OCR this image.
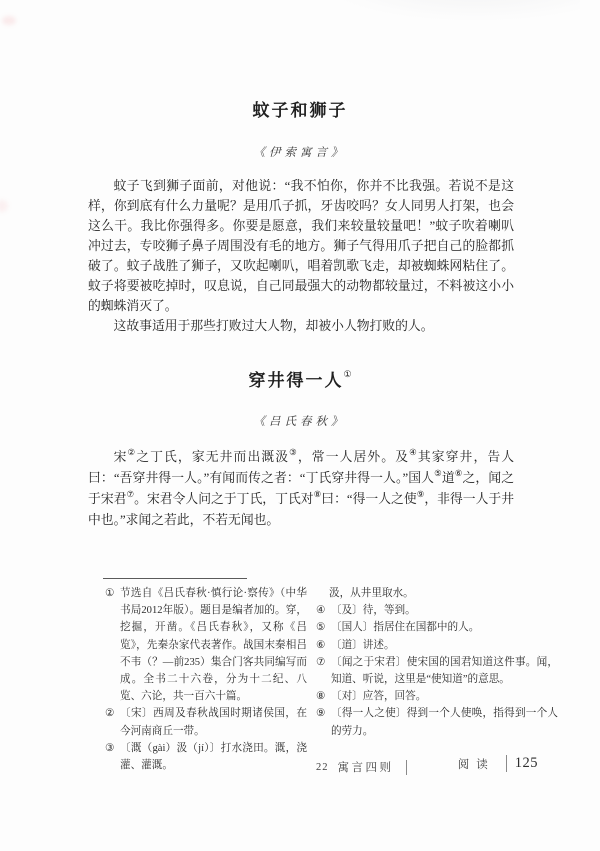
蚊子和狮子
《伊索寓言》

蚊子飞到狮子面前，对他说：“我不怕你，你并不比我强。若说不是这样，你到底有什么力量呢？是用爪子抓，牙齿咬吗？女人同男人打架，也会这么干。我比你强得多。你要是愿意，我们来较量较量吧！”蚊子吹着喇叭冲过去，专咬狮子鼻子周围没有毛的地方。狮子气得用爪子把自己的脸都抓破了。蚊子战胜了狮子，又吹起喇叭，唱着凯歌飞走，却被蜘蛛网粘住了。蚊子将要被吃掉时，叹息说，自己同最强大的动物都较量过，不料被这小小的蜘蛛消灭了。

这故事适用于那些打败过大人物，却被小人物打败的人。

穿井得一人①
《吕氏春秋》

宋②之丁氏，家无井而出溉汲③，常一人居外。及④其家穿井，告人曰：“吾穿井得一人。”有闻而传之者：“丁氏穿井得一人。”国人⑤道⑥之，闻之于宋君⑦。宋君令人问之于丁氏，丁氏对⑧曰：“得一人之使⑨，非得一人于井中也。”求闻之若此，不若无闻也。

① 节选自《吕氏春秋·慎行论·察传》（中华书局2012年版）。题目是编者加的。穿，挖掘，开凿。《吕氏春秋》，又称《吕览》，先秦杂家代表著作。战国末秦相吕不韦（？—前235）集合门客共同编写而成。全书二十六卷，分为十二纪、八览、六论，共一百六十篇。
② 〔宋〕西周及春秋战国时期诸侯国，在今河南商丘一带。
③ 〔溉（gài）汲（jí）〕打水浇田。溉，浇灌、灌溉。
汲，从井里取水。
④ 〔及〕待，等到。
⑤ 〔国人〕指居住在国都中的人。
⑥ 〔道〕讲述。
⑦ 〔闻之于宋君〕使宋国的国君知道这件事。闻，知道、听说，这里是“使知道”的意思。
⑧ 〔对〕应答，回答。
⑨ 〔得一人之使〕得到一个人使唤，指得到一个人的劳力。
22 寓言四则	阅读 125
